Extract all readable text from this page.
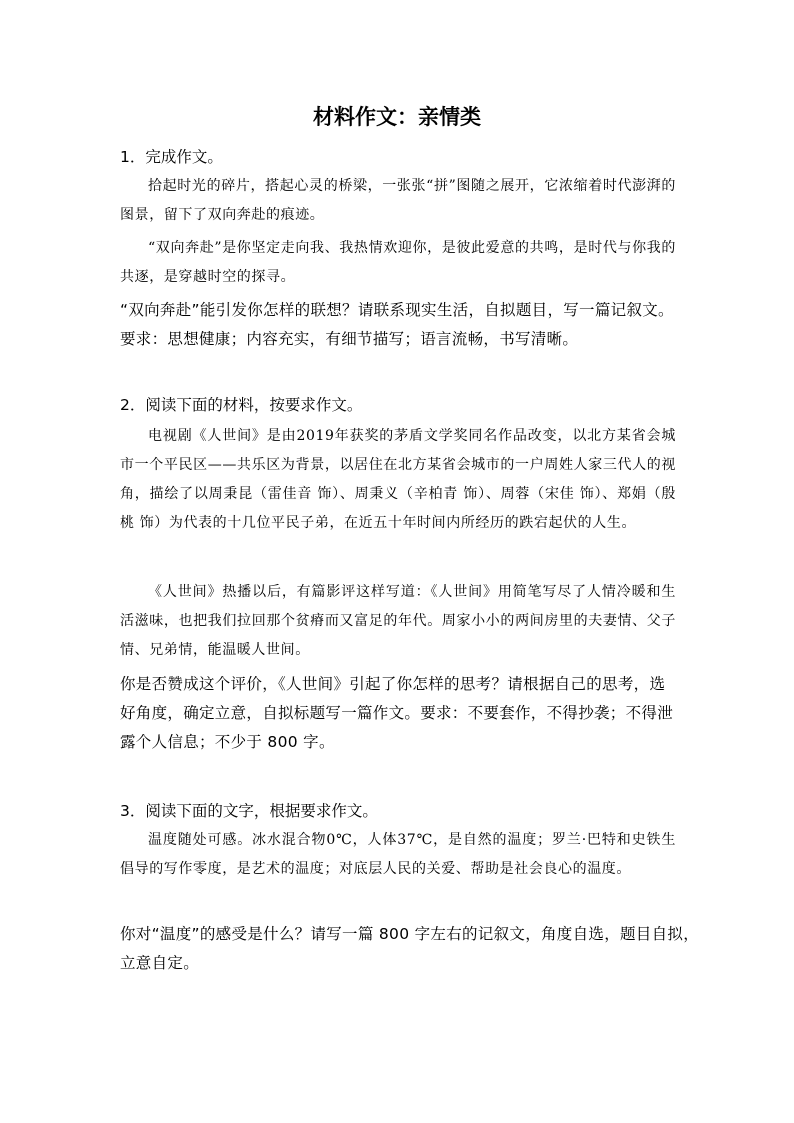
材料作文：亲情类
1．完成作文。
拾起时光的碎片，搭起心灵的桥梁，一张张“拼”图随之展开，它浓缩着时代澎湃的图景，留下了双向奔赴的痕迹。
“双向奔赴”是你坚定走向我、我热情欢迎你，是彼此爱意的共鸣，是时代与你我的共逐，是穿越时空的探寻。
“双向奔赴”能引发你怎样的联想？请联系现实生活，自拟题目，写一篇记叙文。
要求：思想健康；内容充实，有细节描写；语言流畅，书写清晰。
2．阅读下面的材料，按要求作文。
电视剧《人世间》是由2019年获奖的茅盾文学奖同名作品改变，以北方某省会城市一个平民区——共乐区为背景，以居住在北方某省会城市的一户周姓人家三代人的视角，描绘了以周秉昆（雷佳音 饰）、周秉义（辛柏青 饰）、周蓉（宋佳 饰）、郑娟（殷桃 饰）为代表的十几位平民子弟，在近五十年时间内所经历的跌宕起伏的人生。
《人世间》热播以后，有篇影评这样写道：《人世间》用简笔写尽了人情冷暖和生活滋味，也把我们拉回那个贫瘠而又富足的年代。周家小小的两间房里的夫妻情、父子情、兄弟情，能温暖人世间。
你是否赞成这个评价，《人世间》引起了你怎样的思考？请根据自己的思考，选
好角度，确定立意，自拟标题写一篇作文。要求：不要套作，不得抄袭；不得泄
露个人信息；不少于 800 字。
3．阅读下面的文字，根据要求作文。
温度随处可感。冰水混合物0℃，人体37℃，是自然的温度；罗兰·巴特和史铁生倡导的写作零度，是艺术的温度；对底层人民的关爱、帮助是社会良心的温度。
你对“温度”的感受是什么？请写一篇 800 字左右的记叙文，角度自选，题目自拟，
立意自定。
